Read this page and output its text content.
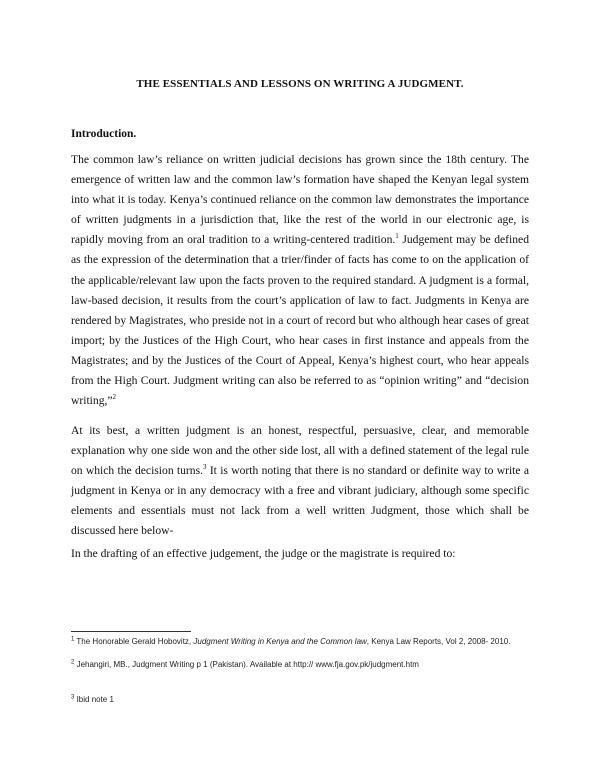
THE ESSENTIALS AND LESSONS ON WRITING A JUDGMENT.
Introduction.
The common law’s reliance on written judicial decisions has grown since the 18th century. The emergence of written law and the common law’s formation have shaped the Kenyan legal system into what it is today. Kenya’s continued reliance on the common law demonstrates the importance of written judgments in a jurisdiction that, like the rest of the world in our electronic age, is rapidly moving from an oral tradition to a writing-centered tradition.$^1$ Judgement may be defined as the expression of the determination that a trier/finder of facts has come to on the application of the applicable/relevant law upon the facts proven to the required standard. A judgment is a formal, law-based decision, it results from the court’s application of law to fact. Judgments in Kenya are rendered by Magistrates, who preside not in a court of record but who although hear cases of great import; by the Justices of the High Court, who hear cases in first instance and appeals from the Magistrates; and by the Justices of the Court of Appeal, Kenya’s highest court, who hear appeals from the High Court. Judgment writing can also be referred to as “opinion writing” and “decision writing,”$^2$
At its best, a written judgment is an honest, respectful, persuasive, clear, and memorable explanation why one side won and the other side lost, all with a defined statement of the legal rule on which the decision turns.$^3$ It is worth noting that there is no standard or definite way to write a judgment in Kenya or in any democracy with a free and vibrant judiciary, although some specific elements and essentials must not lack from a well written Judgment, those which shall be discussed here below-
In the drafting of an effective judgement, the judge or the magistrate is required to:
$^1$ The Honorable Gerald Hobovitz, Judgment Writing in Kenya and the Common law, Kenya Law Reports, Vol 2, 2008- 2010.
$^2$ Jehangiri, MB., Judgment Writing p 1 (Pakistan). Available at http:// www.fja.gov.pk/judgment.htm
$^3$ Ibid note 1
